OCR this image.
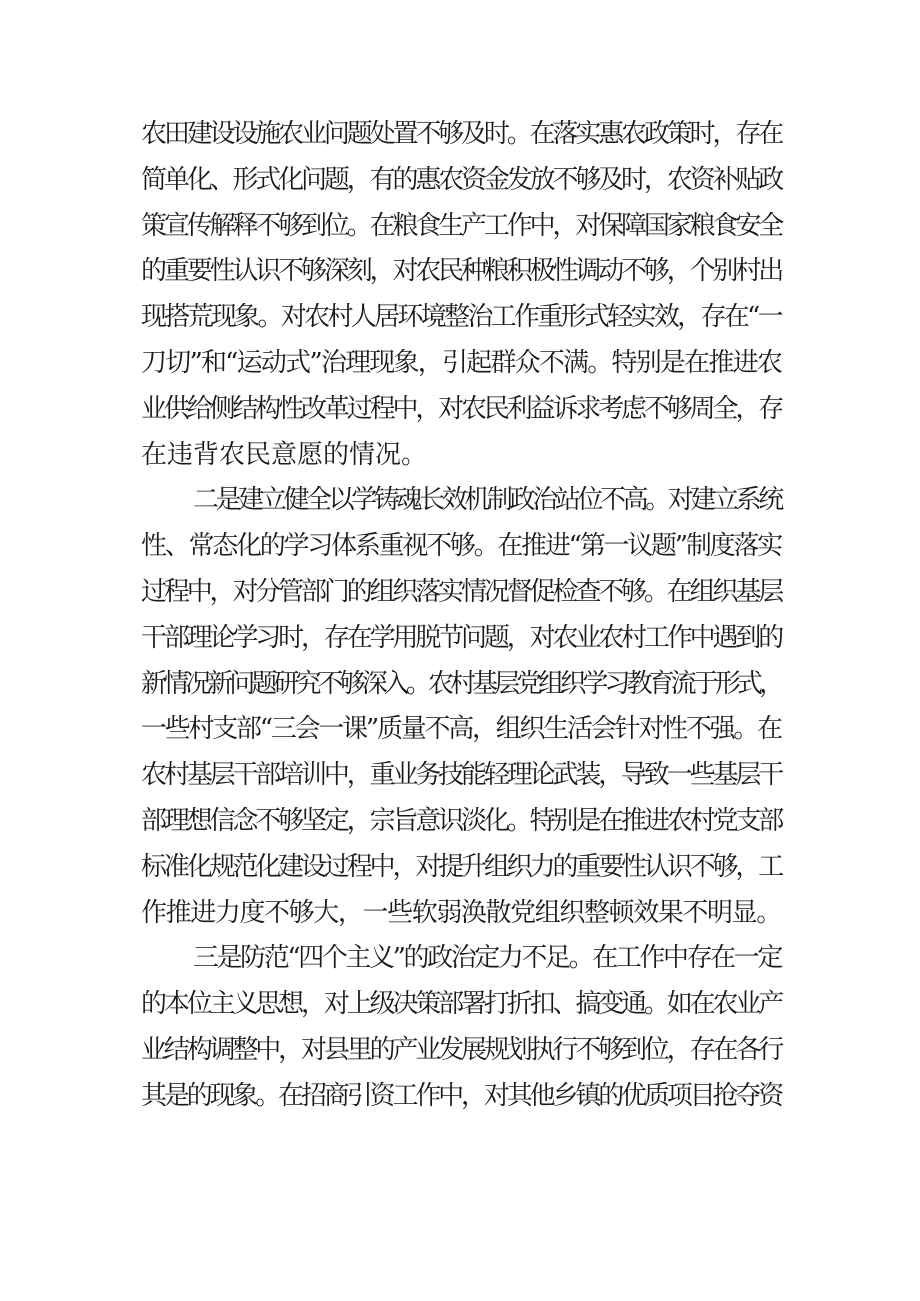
农田建设设施农业问题处置不够及时。在落实惠农政策时，存在
简单化、形式化问题，有的惠农资金发放不够及时，农资补贴政
策宣传解释不够到位。在粮食生产工作中，对保障国家粮食安全
的重要性认识不够深刻，对农民种粮积极性调动不够，个别村出
现搭荒现象。对农村人居环境整治工作重形式轻实效，存在“一
刀切”和“运动式”治理现象，引起群众不满。特别是在推进农
业供给侧结构性改革过程中，对农民利益诉求考虑不够周全，存
在违背农民意愿的情况。
二是建立健全以学铸魂长效机制政治站位不高。对建立系统
性、常态化的学习体系重视不够。在推进“第一议题”制度落实
过程中，对分管部门的组织落实情况督促检查不够。在组织基层
干部理论学习时，存在学用脱节问题，对农业农村工作中遇到的
新情况新问题研究不够深入。农村基层党组织学习教育流于形式，
一些村支部“三会一课”质量不高，组织生活会针对性不强。在
农村基层干部培训中，重业务技能轻理论武装，导致一些基层干
部理想信念不够坚定，宗旨意识淡化。特别是在推进农村党支部
标准化规范化建设过程中，对提升组织力的重要性认识不够，工
作推进力度不够大，一些软弱涣散党组织整顿效果不明显。
三是防范“四个主义”的政治定力不足。在工作中存在一定
的本位主义思想，对上级决策部署打折扣、搞变通。如在农业产
业结构调整中，对县里的产业发展规划执行不够到位，存在各行
其是的现象。在招商引资工作中，对其他乡镇的优质项目抢夺资
